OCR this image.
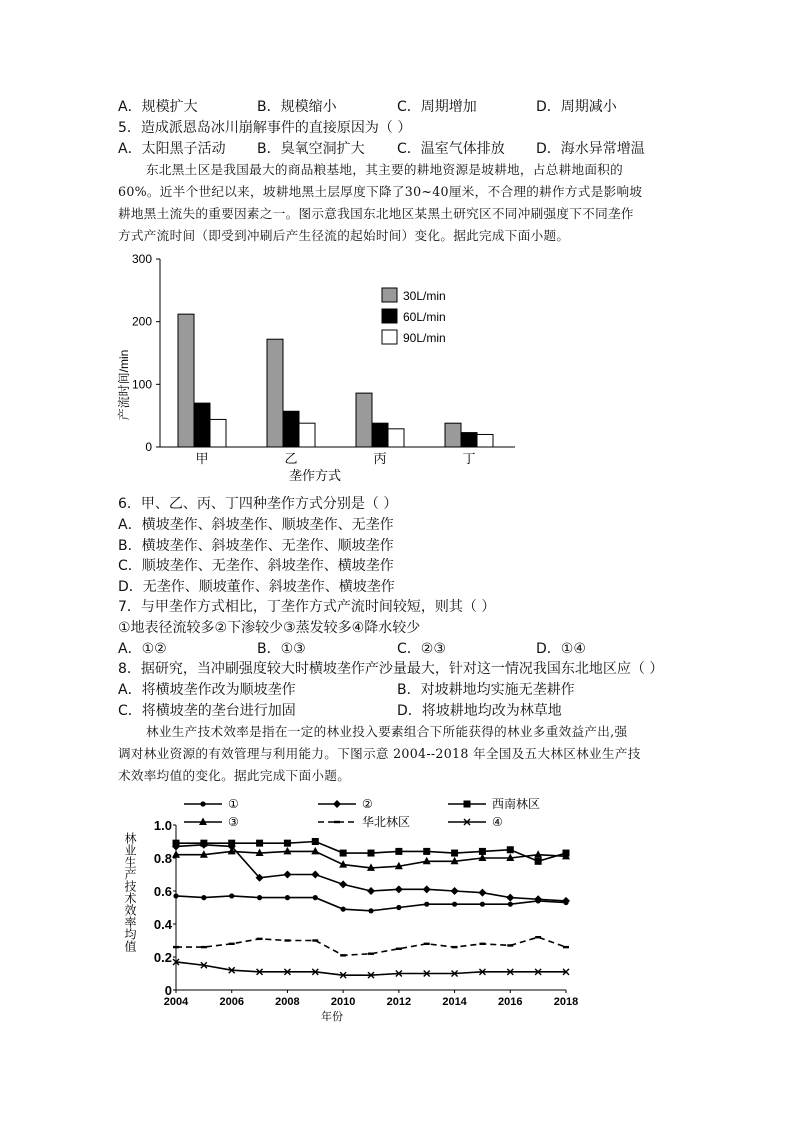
A．规模扩大	B．规模缩小	C．周期增加	D．周期减小
5．造成派恩岛冰川崩解事件的直接原因为（ ）
A．太阳黑子活动 B．臭氧空洞扩大 C．温室气体排放 D．海水异常增温
东北黑土区是我国最大的商品粮基地，其主要的耕地资源是坡耕地，占总耕地面积的
60%。近半个世纪以来，坡耕地黑土层厚度下降了30~40厘米，不合理的耕作方式是影响坡
耕地黑土流失的重要因素之一。图示意我国东北地区某黑土研究区不同冲刷强度下不同垄作
方式产流时间（即受到冲刷后产生径流的起始时间）变化。据此完成下面小题。
产流时间/min
垄作方式
0
100
200
300
甲	乙	丙	丁
30L/min
60L/min
90L/min
6．甲、乙、丙、丁四种垄作方式分别是（ ）
A．横坡垄作、斜坡垄作、顺坡垄作、无垄作
B．横坡垄作、斜坡垄作、无垄作、顺坡垄作
C．顺坡垄作、无垄作、斜坡垄作、横坡垄作
D．无垄作、顺坡董作、斜坡垄作、横坡垄作
7．与甲垄作方式相比，丁垄作方式产流时间较短，则其（ ）
①地表径流较多②下渗较少③蒸发较多④降水较少
A．①②	B．①③	C．②③	D．①④
8．据研究，当冲刷强度较大时横坡垄作产沙量最大，针对这一情况我国东北地区应（ ）
A．将横坡垄作改为顺坡垄作	B．对坡耕地均实施无垄耕作
C．将横坡垄的垄台进行加固	D．将坡耕地均改为林草地
林业生产技术效率是指在一定的林业投入要素组合下所能获得的林业多重效益产出,强
调对林业资源的有效管理与利用能力。下图示意 2004--2018 年全国及五大林区林业生产技
术效率均值的变化。据此完成下面小题。
林业生产技术效率均值
年份
0
0.2
0.4
0.6
0.8
1.0
2004	2006	2008	2010	2012	2014	2016	2018
①	②	西南林区
③	华北林区	④
